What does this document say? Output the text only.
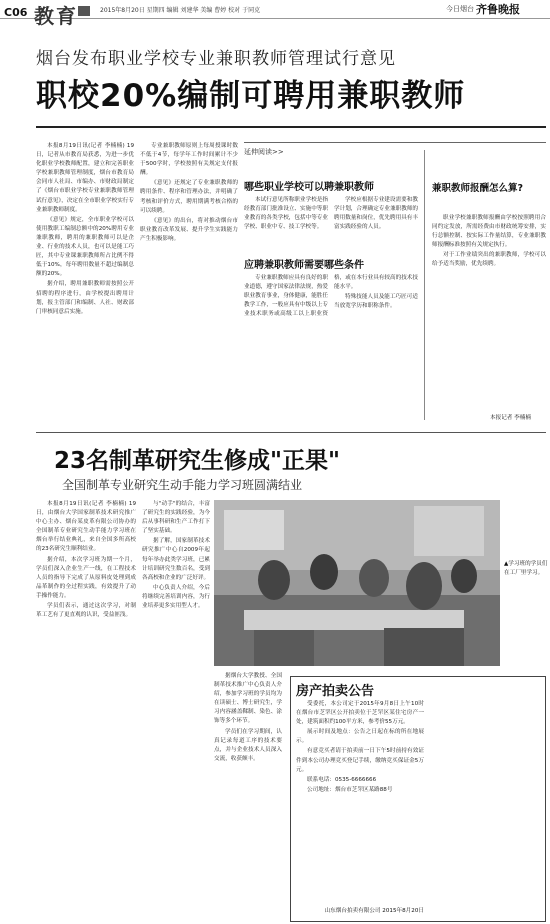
C06 教育	2015年8月20日 星期四 编辑 刘建华 美编 曹婷 校对 于同克	今日烟台 齐鲁晚报
烟台发布职业学校专业兼职教师管理试行意见
职校20%编制可聘用兼职教师

本报8月19日讯(记者 李楠楠) 19日，记者从市教育局获悉，为进一步优化职业学校教师配置，建立和完善职业学校兼职教师管理制度，烟台市教育局会同市人社局、市编办、市财政局制定了《烟台市职业学校专业兼职教师管理试行意见》，决定在全市职业学校实行专业兼职教师制度。

《意见》规定，全市职业学校可以使用教职工编制总额中的20%聘用专业兼职教师，聘用的兼职教师可以是企业、行业的技术人员，也可以是能工巧匠，其中专业课兼职教师所占比例不得低于10%，每年聘用数量不超过编制总额的20%。

据介绍，聘用兼职教师需按照公开招聘的程序进行，由学校提出聘用计划，报主管部门和编制、人社、财政部门审核同意后实施。

专业兼职教师原则上每周授课时数不低于4节，每学年工作时间累计不少于500学时，学校按照有关规定支付报酬。

《意见》还规定了专业兼职教师的聘用条件、程序和管理办法，并明确了考核和评价方式，聘用期满考核合格的可以续聘。

《意见》的出台，将对推动烟台市职业教育改革发展、提升学生实践能力产生积极影响。

延伸阅读>>
哪些职业学校可以聘兼职教师

本试行意见所称职业学校是指经教育部门批准设立、实施中等职业教育的各类学校，包括中等专业学校、职业中专、技工学校等。

学校应根据专业建设需要和教学计划，合理确定专业兼职教师的聘用数量和岗位，优先聘用具有丰富实践经验的人员。

应聘兼职教师需要哪些条件

专业兼职教师应具有良好的职业道德，遵守国家法律法规，热爱职业教育事业，身体健康，能胜任教学工作，一般应具有中级以上专业技术职务或高级工以上职业资格，或在本行业具有较高的技术技能水平。

特殊技能人员及能工巧匠可适当放宽学历和职称条件。

兼职教师报酬怎么算?

职业学校兼职教师报酬由学校按照聘用合同约定发放，所需经费由市财政统筹安排，实行总额控制、按实际工作量结算，专业兼职教师报酬标准按照有关规定执行。

对于工作业绩突出的兼职教师，学校可以给予适当奖励，优先续聘。

本报记者 李楠楠
23名制革研究生修成"正果"
全国制革专业研究生动手能力学习班圆满结业

本报8月19日讯(记者 李楠楠) 19日，由烟台大学国家制革技术研究推广中心主办、烟台某皮革有限公司协办的全国制革专业研究生动手能力学习班在烟台举行结业典礼，来自全国多所高校的23名研究生顺利结业。

据介绍，本次学习班为期一个月，学员们深入企业生产一线，在工程技术人员的指导下完成了从原料皮处理到成品革制作的全过程实践，有效提升了动手操作能力。

学员们表示，通过这次学习，对制革工艺有了更直观的认识，受益匪浅。

与"动手"的结合，丰富了研究生的实践经验，为今后从事科研和生产工作打下了坚实基础。

据了解，国家制革技术研究推广中心自2009年起每年举办此类学习班，已累计培训研究生数百名，受到各高校和企业的广泛好评。

中心负责人介绍，今后将继续完善培训内容，为行业培养更多实用型人才。

▲学习班的学员们在工厂里学习。

据烟台大学教授、全国制革技术推广中心负责人介绍，参加学习班的学员均为在读硕士、博士研究生，学习内容涵盖鞣制、染色、涂饰等多个环节。

学员们在学习期间，认真记录每道工序的技术要点，并与企业技术人员深入交流，收获颇丰。

房产拍卖公告

受委托，本公司定于2015年9月8日上午10时在烟台市芝罘区公开拍卖位于芝罘区某住宅房产一处，建筑面积约100平方米，参考价55万元。

展示时间及地点：公告之日起在标的所在地展示。

有意竞买者请于拍卖前一日下午5时前持有效证件到本公司办理竞买登记手续，缴纳竞买保证金5万元。

联系电话：0535-6666666

公司地址：烟台市芝罘区某路88号

山东烟台拍卖有限公司 2015年8月20日
